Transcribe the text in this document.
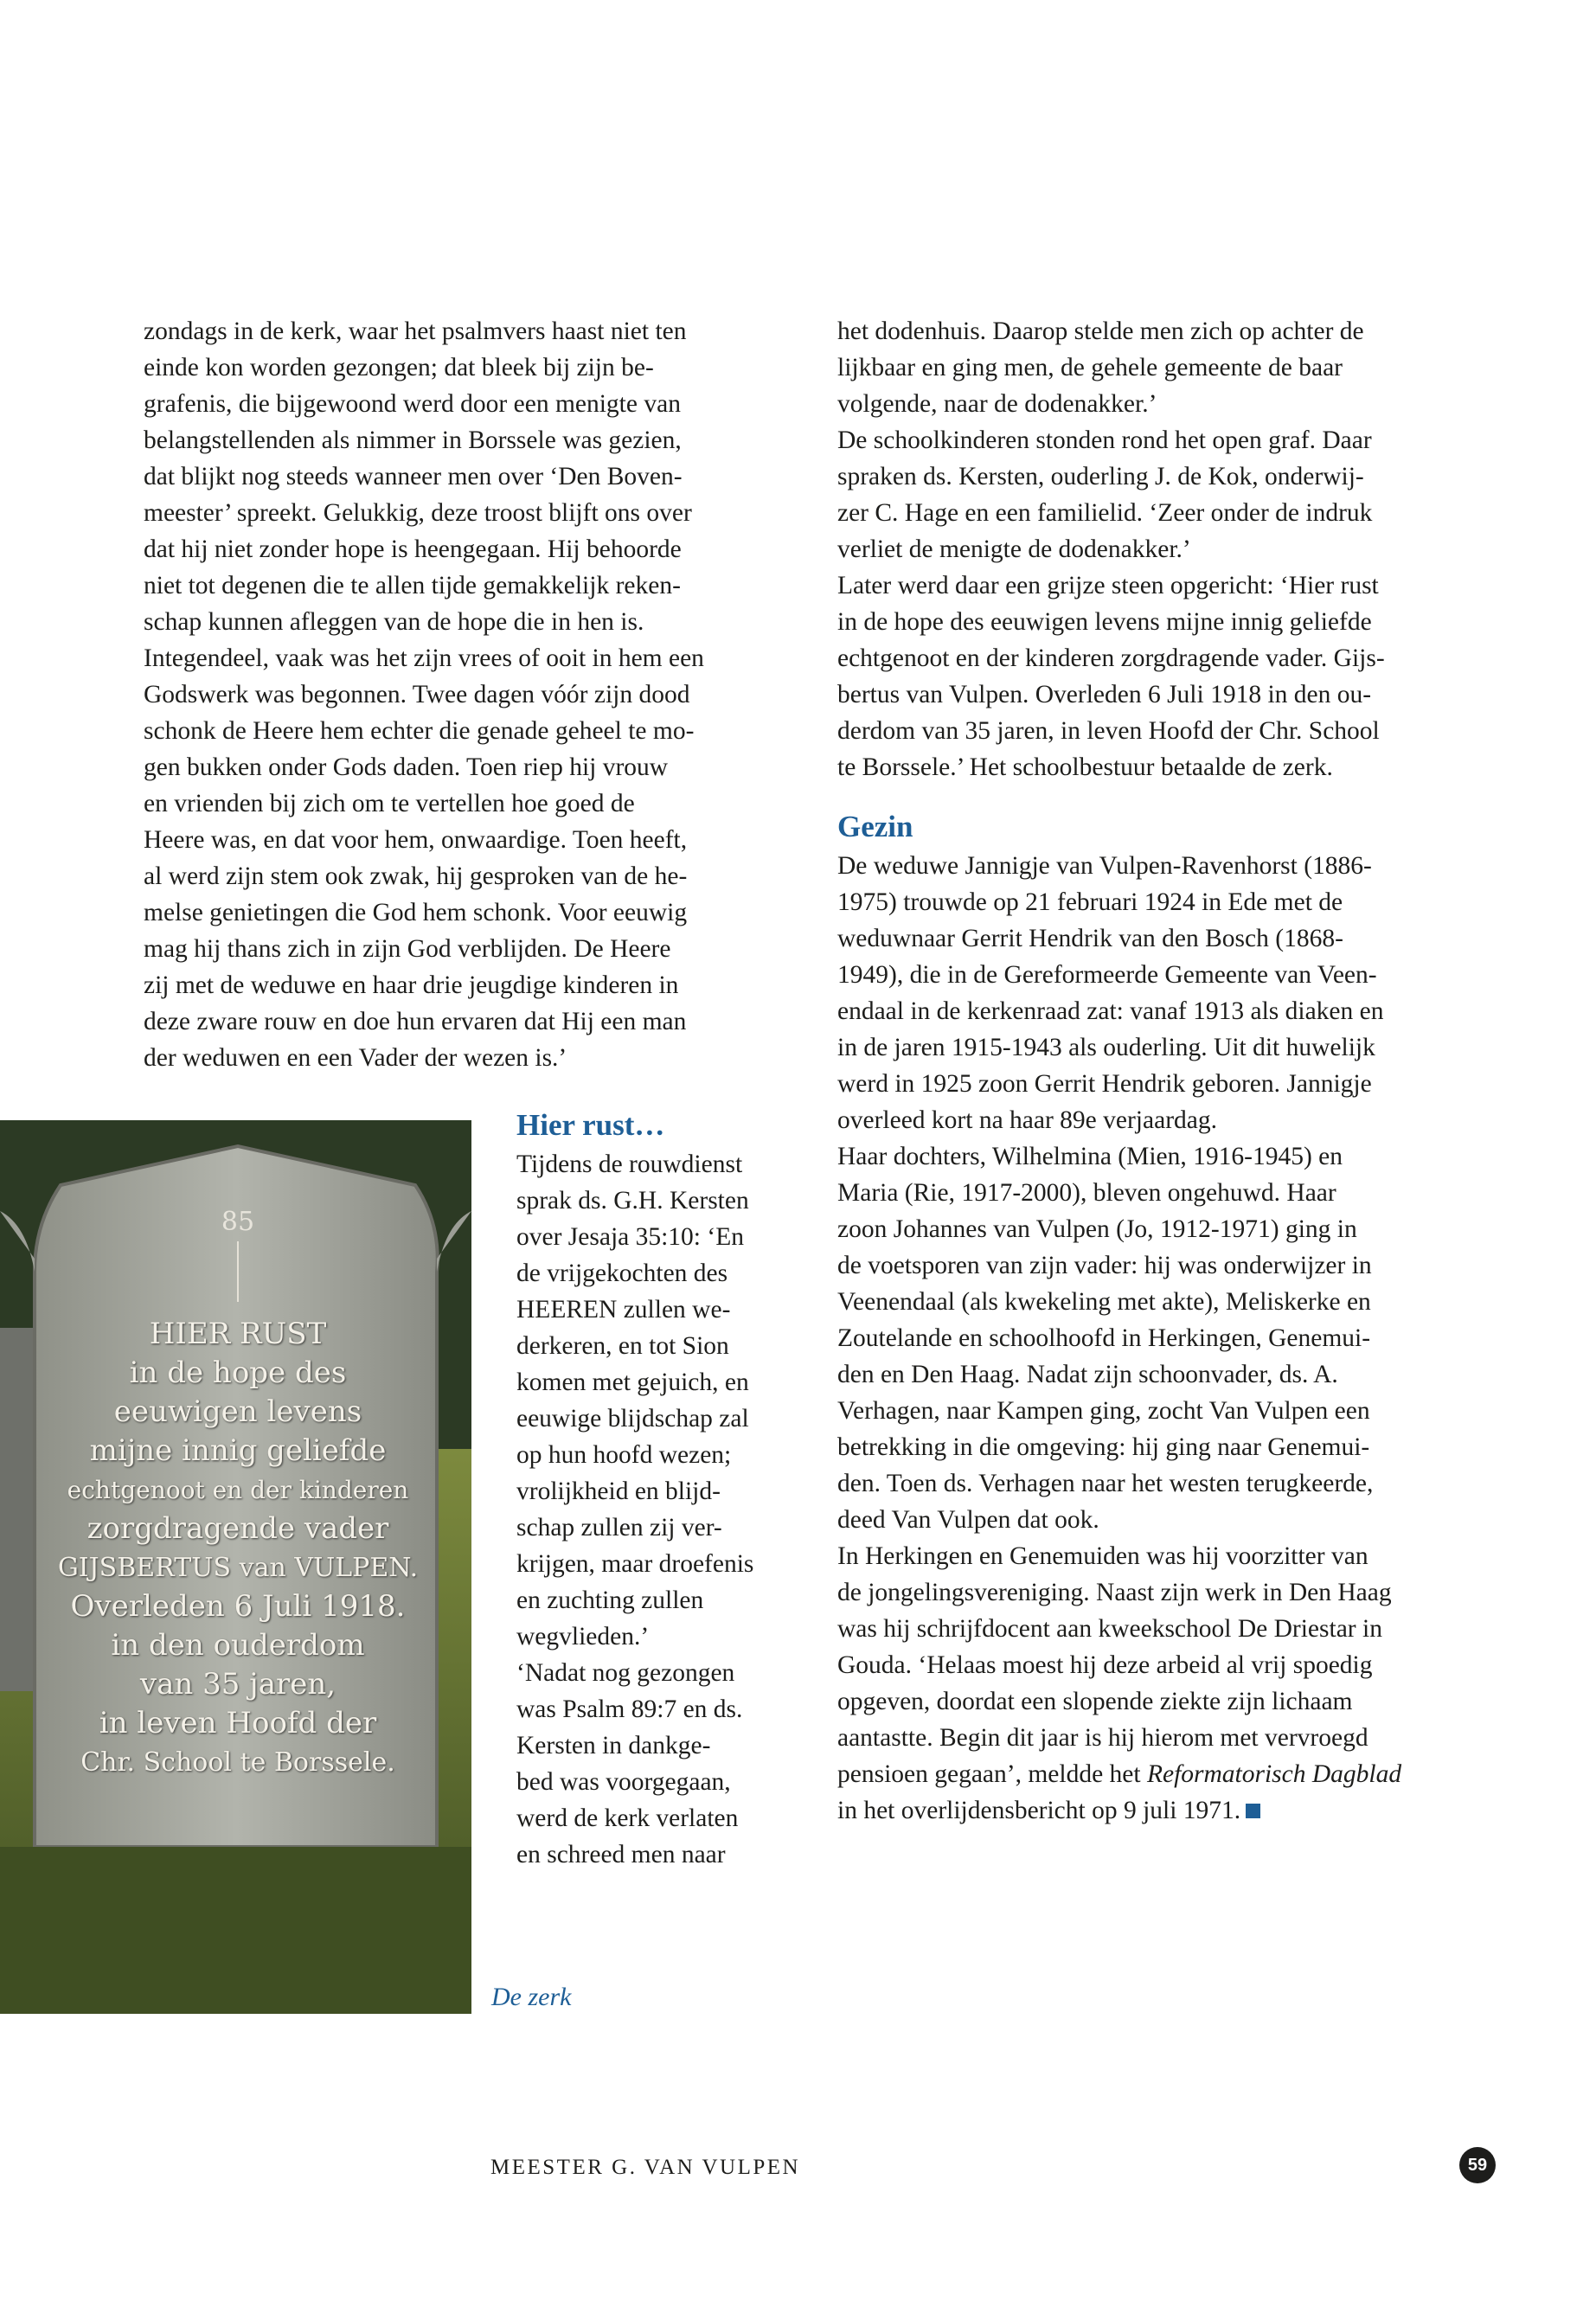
zondags in de kerk, waar het psalmvers haast niet ten
einde kon worden gezongen; dat bleek bij zijn be-
grafenis, die bijgewoond werd door een menigte van
belangstellenden als nimmer in Borssele was gezien,
dat blijkt nog steeds wanneer men over ‘Den Boven-
meester’ spreekt. Gelukkig, deze troost blijft ons over
dat hij niet zonder hope is heengegaan. Hij behoorde
niet tot degenen die te allen tijde gemakkelijk reken-
schap kunnen afleggen van de hope die in hen is.
Integendeel, vaak was het zijn vrees of ooit in hem een
Godswerk was begonnen. Twee dagen vóór zijn dood
schonk de Heere hem echter die genade geheel te mo-
gen bukken onder Gods daden. Toen riep hij vrouw
en vrienden bij zich om te vertellen hoe goed de
Heere was, en dat voor hem, onwaardige. Toen heeft,
al werd zijn stem ook zwak, hij gesproken van de he-
melse genietingen die God hem schonk. Voor eeuwig
mag hij thans zich in zijn God verblijden. De Heere
zij met de weduwe en haar drie jeugdige kinderen in
deze zware rouw en doe hun ervaren dat Hij een man
der weduwen en een Vader der wezen is.’
85
HIER RUST
in de hope des
eeuwigen levens
mijne innig geliefde
echtgenoot en der kinderen
zorgdragende vader
GIJSBERTUS van VULPEN.
Overleden 6 Juli 1918.
in den ouderdom
van 35 jaren,
in leven Hoofd der
Chr. School te Borssele.
Hier rust…
Tijdens de rouwdienst
sprak ds. G.H. Kersten
over Jesaja 35:10: ‘En
de vrijgekochten des
HEEREN zullen we-
derkeren, en tot Sion
komen met gejuich, en
eeuwige blijdschap zal
op hun hoofd wezen;
vrolijkheid en blijd-
schap zullen zij ver-
krijgen, maar droefenis
en zuchting zullen
wegvlieden.’
‘Nadat nog gezongen
was Psalm 89:7 en ds.
Kersten in dankge-
bed was voorgegaan,
werd de kerk verlaten
en schreed men naar
het dodenhuis. Daarop stelde men zich op achter de
lijkbaar en ging men, de gehele gemeente de baar
volgende, naar de dodenakker.’
De schoolkinderen stonden rond het open graf. Daar
spraken ds. Kersten, ouderling J. de Kok, onderwij-
zer C. Hage en een familielid. ‘Zeer onder de indruk
verliet de menigte de dodenakker.’
Later werd daar een grijze steen opgericht: ‘Hier rust
in de hope des eeuwigen levens mijne innig geliefde
echtgenoot en der kinderen zorgdragende vader. Gijs-
bertus van Vulpen. Overleden 6 Juli 1918 in den ou-
derdom van 35 jaren, in leven Hoofd der Chr. School
te Borssele.’ Het schoolbestuur betaalde de zerk.
Gezin
De weduwe Jannigje van Vulpen-Ravenhorst (1886-
1975) trouwde op 21 februari 1924 in Ede met de
weduwnaar Gerrit Hendrik van den Bosch (1868-
1949), die in de Gereformeerde Gemeente van Veen-
endaal in de kerkenraad zat: vanaf 1913 als diaken en
in de jaren 1915-1943 als ouderling. Uit dit huwelijk
werd in 1925 zoon Gerrit Hendrik geboren. Jannigje
overleed kort na haar 89e verjaardag.
Haar dochters, Wilhelmina (Mien, 1916-1945) en
Maria (Rie, 1917-2000), bleven ongehuwd. Haar
zoon Johannes van Vulpen (Jo, 1912-1971) ging in
de voetsporen van zijn vader: hij was onderwijzer in
Veenendaal (als kwekeling met akte), Meliskerke en
Zoutelande en schoolhoofd in Herkingen, Genemui-
den en Den Haag. Nadat zijn schoonvader, ds. A.
Verhagen, naar Kampen ging, zocht Van Vulpen een
betrekking in die omgeving: hij ging naar Genemui-
den. Toen ds. Verhagen naar het westen terugkeerde,
deed Van Vulpen dat ook.
In Herkingen en Genemuiden was hij voorzitter van
de jongelingsvereniging. Naast zijn werk in Den Haag
was hij schrijfdocent aan kweekschool De Driestar in
Gouda. ‘Helaas moest hij deze arbeid al vrij spoedig
opgeven, doordat een slopende ziekte zijn lichaam
aantastte. Begin dit jaar is hij hierom met vervroegd
pensioen gegaan’, meldde het Reformatorisch Dagblad
in het overlijdensbericht op 9 juli 1971.
De zerk
MEESTER G. VAN VULPEN	59
